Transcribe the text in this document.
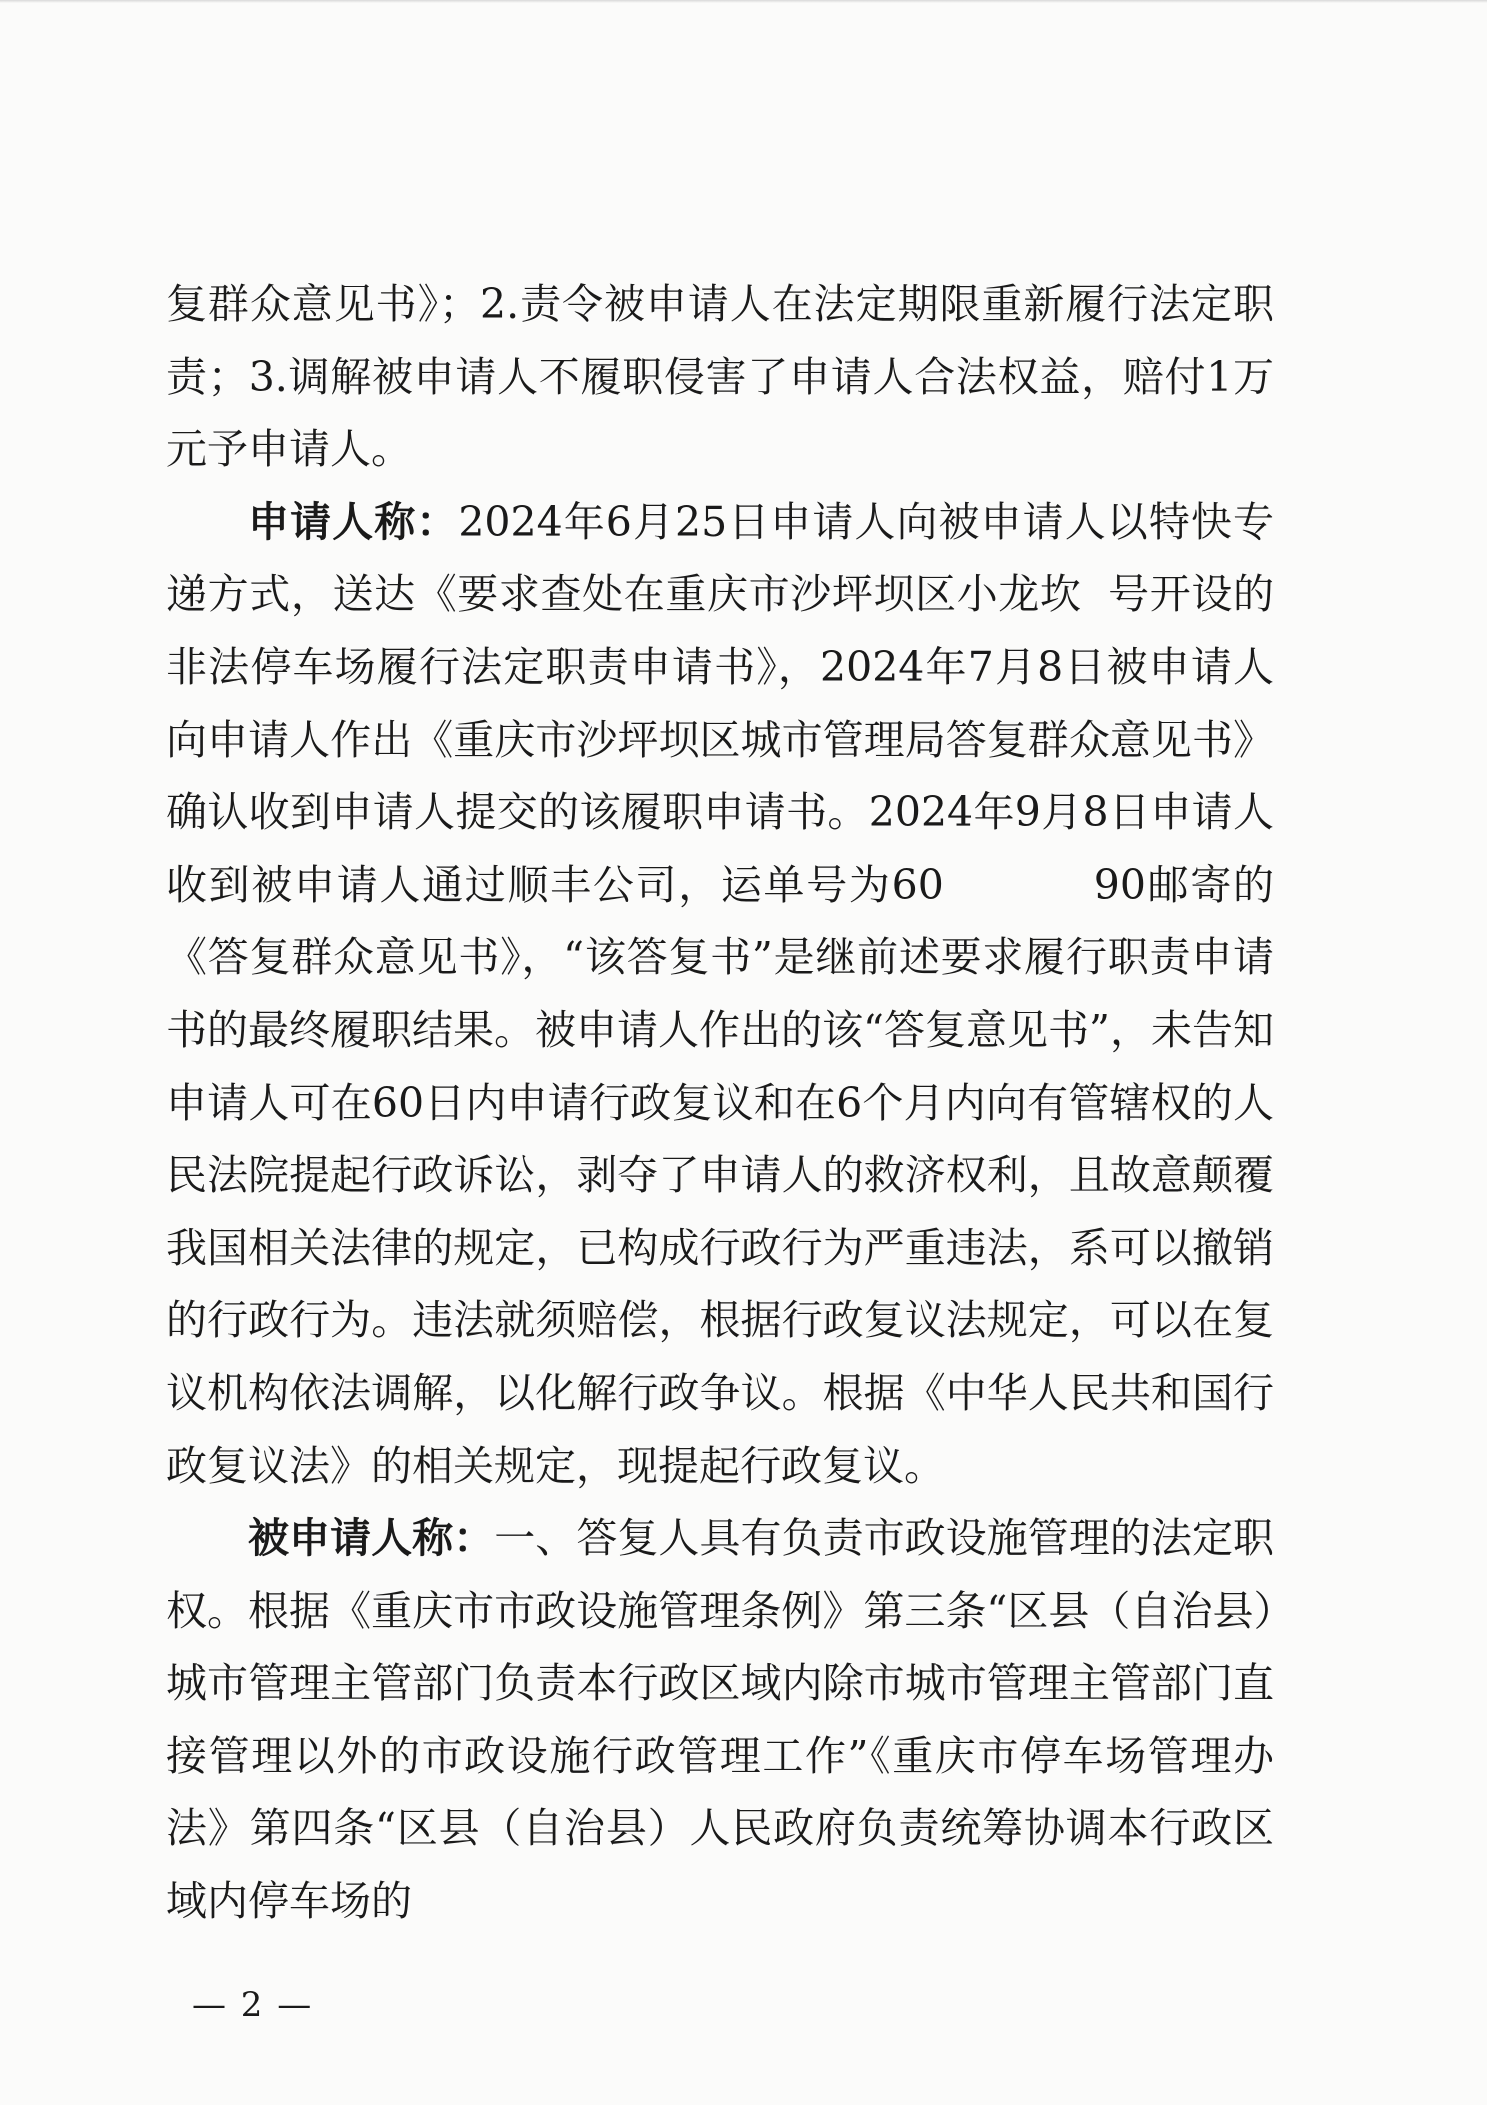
复群众意见书》；2.责令被申请人在法定期限重新履行法定职责；3.调解被申请人不履职侵害了申请人合法权益，赔付1万元予申请人。

申请人称：2024年6月25日申请人向被申请人以特快专递方式，送达《要求查处在重庆市沙坪坝区小龙坎 号开设的非法停车场履行法定职责申请书》，2024年7月8日被申请人向申请人作出《重庆市沙坪坝区城市管理局答复群众意见书》确认收到申请人提交的该履职申请书。2024年9月8日申请人收到被申请人通过顺丰公司，运单号为60	90邮寄的《答复群众意见书》，“该答复书”是继前述要求履行职责申请书的最终履职结果。被申请人作出的该“答复意见书”，未告知申请人可在60日内申请行政复议和在6个月内向有管辖权的人民法院提起行政诉讼，剥夺了申请人的救济权利，且故意颠覆我国相关法律的规定，已构成行政行为严重违法，系可以撤销的行政行为。违法就须赔偿，根据行政复议法规定，可以在复议机构依法调解，以化解行政争议。根据《中华人民共和国行政复议法》的相关规定，现提起行政复议。

被申请人称：一、答复人具有负责市政设施管理的法定职权。根据《重庆市市政设施管理条例》第三条“区县（自治县）城市管理主管部门负责本行政区域内除市城市管理主管部门直接管理以外的市政设施行政管理工作”《重庆市停车场管理办法》第四条“区县（自治县）人民政府负责统筹协调本行政区域内停车场的

— 2 —
